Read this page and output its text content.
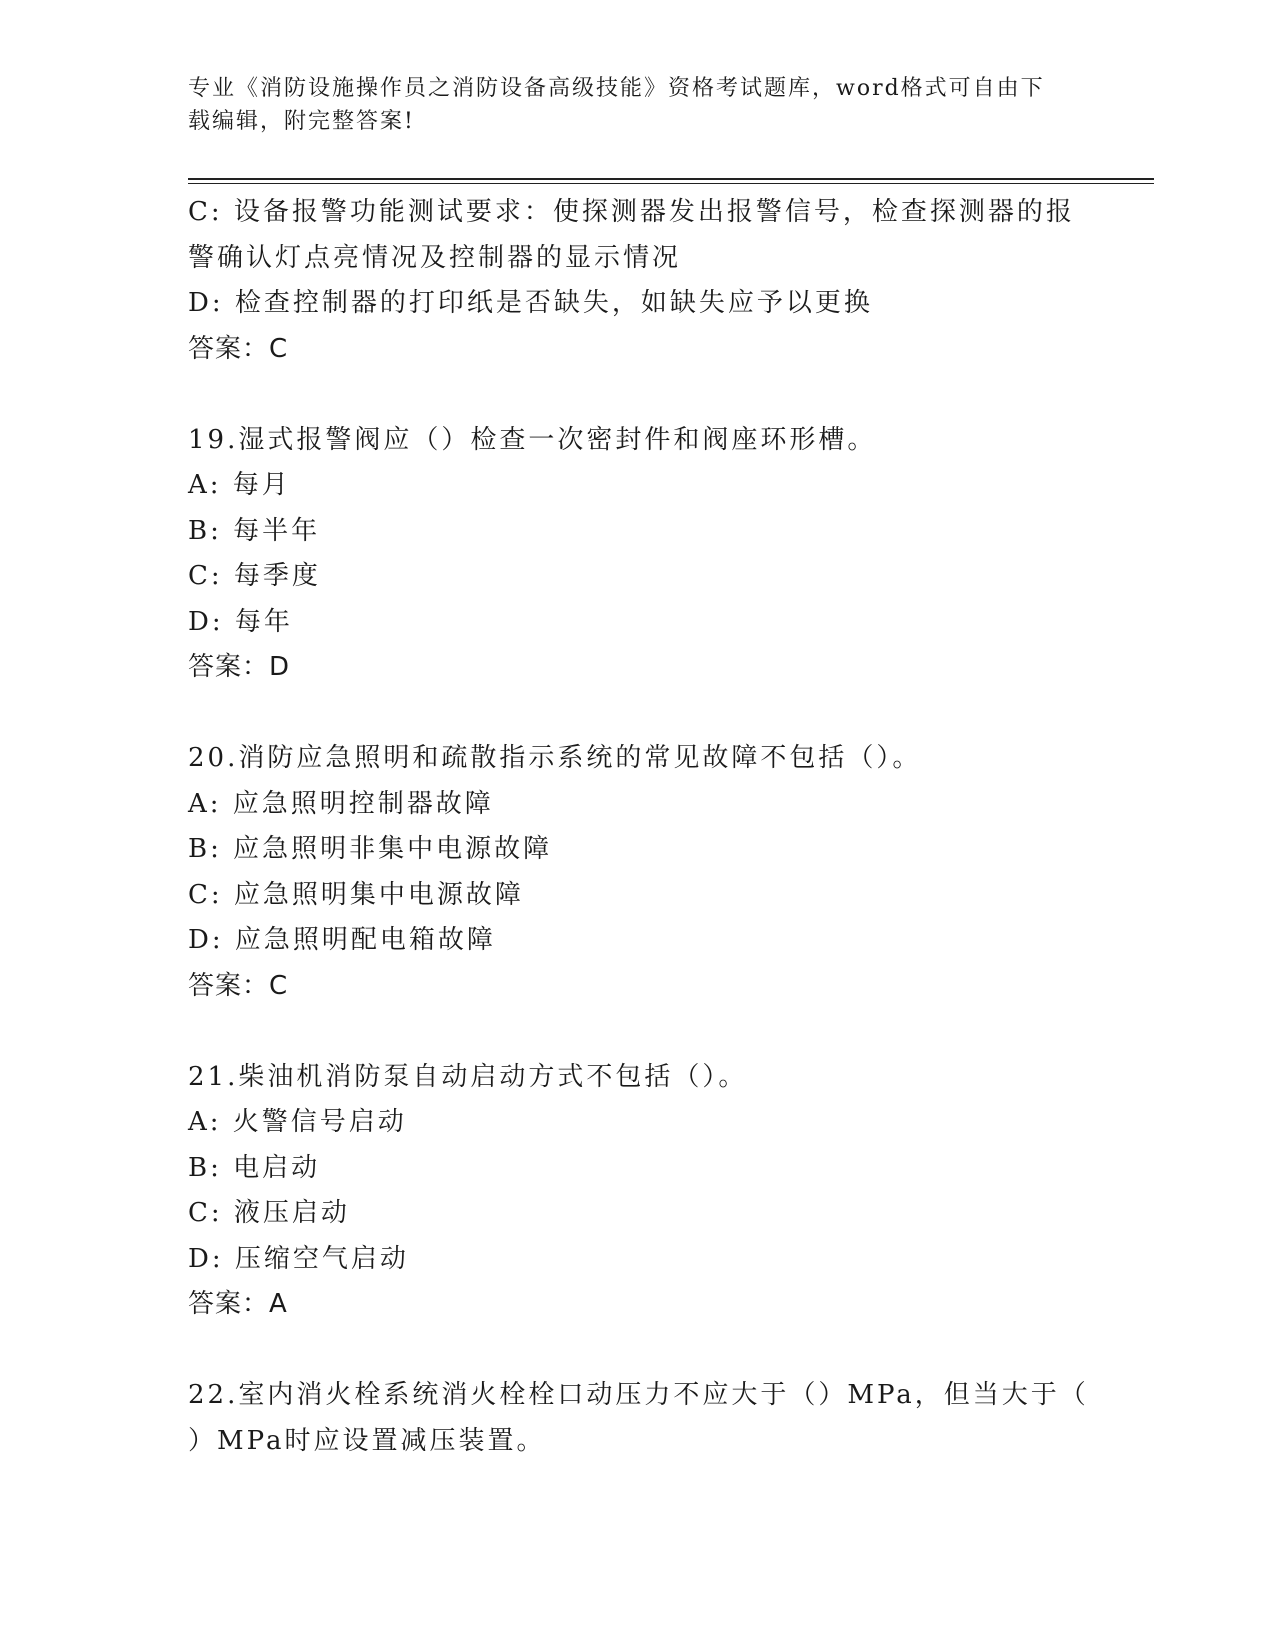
专业《消防设施操作员之消防设备高级技能》资格考试题库，word格式可自由下

载编辑，附完整答案!

C: 设备报警功能测试要求：使探测器发出报警信号，检查探测器的报

警确认灯点亮情况及控制器的显示情况

D: 检查控制器的打印纸是否缺失，如缺失应予以更换

答案：C

19.湿式报警阀应（）检查一次密封件和阀座环形槽。

A: 每月

B: 每半年

C: 每季度

D: 每年

答案：D

20.消防应急照明和疏散指示系统的常见故障不包括（）。

A: 应急照明控制器故障

B: 应急照明非集中电源故障

C: 应急照明集中电源故障

D: 应急照明配电箱故障

答案：C

21.柴油机消防泵自动启动方式不包括（）。

A: 火警信号启动

B: 电启动

C: 液压启动

D: 压缩空气启动

答案：A

22.室内消火栓系统消火栓栓口动压力不应大于（）MPa，但当大于（

）MPa时应设置减压装置。
